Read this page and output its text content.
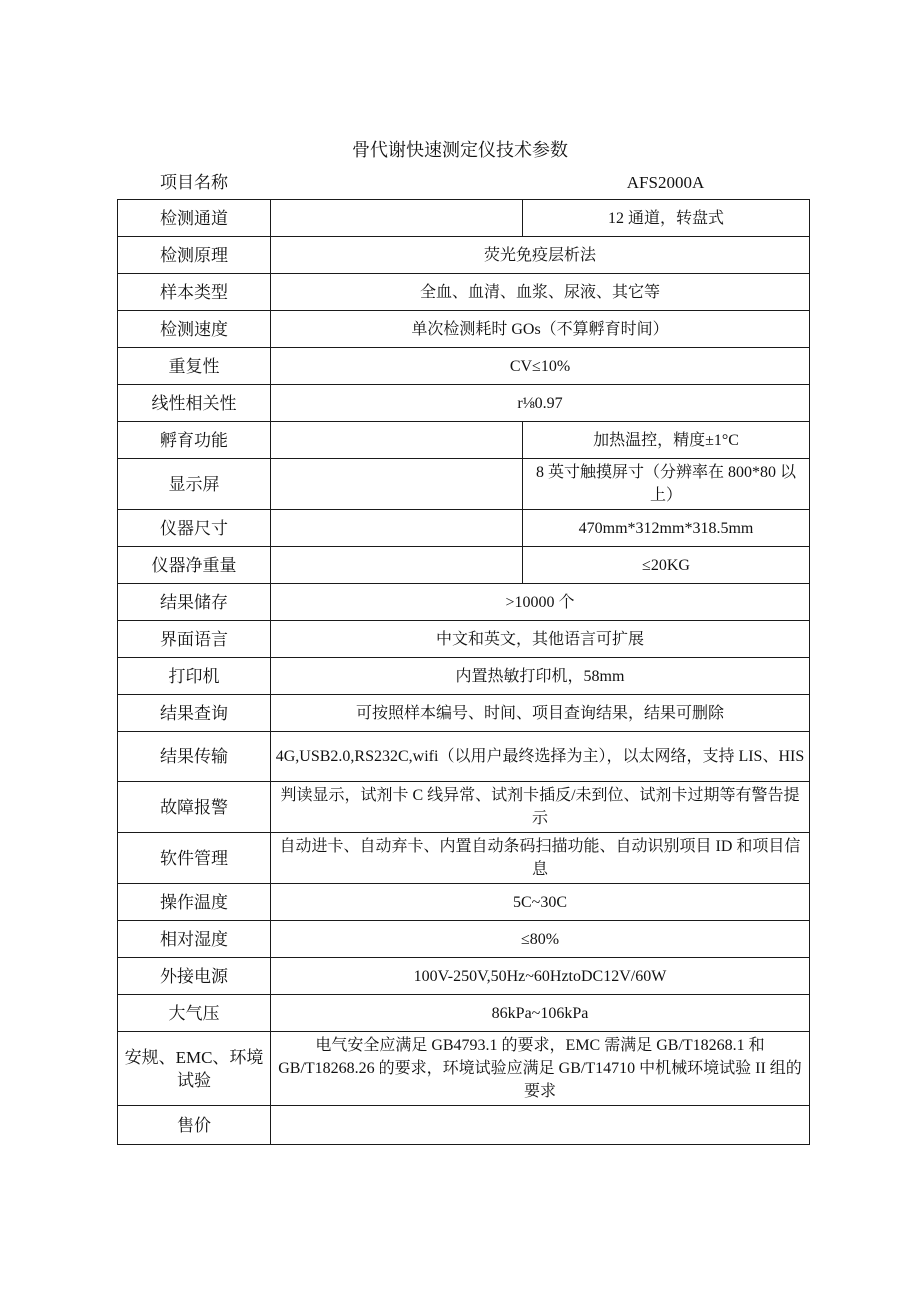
骨代谢快速测定仪技术参数
项目名称	AFS2000A
检测通道		12 通道，转盘式
检测原理	荧光免疫层析法	
样本类型	全血、血清、血浆、尿液、其它等	
检测速度	单次检测耗时 GOs（不算孵育时间）	
重复性	CV≤10%	
线性相关性	r⅛0.97	
孵育功能		加热温控，精度±1°C
显示屏		8 英寸触摸屏寸（分辨率在 800*80 以上）
仪器尺寸		470mm*312mm*318.5mm
仪器净重量		≤20KG
结果储存	>10000 个	
界面语言	中文和英文，其他语言可扩展	
打印机	内置热敏打印机，58mm	
结果查询	可按照样本编号、时间、项目查询结果，结果可删除	
结果传输	4G,USB2.0,RS232C,wifi（以用户最终选择为主），以太网络，支持 LIS、HIS	
故障报警	判读显示，试剂卡 C 线异常、试剂卡插反/未到位、试剂卡过期等有警告提示	
软件管理	自动进卡、自动弃卡、内置自动条码扫描功能、自动识别项目 ID 和项目信息	
操作温度	5C~30C	
相对湿度	≤80%	
外接电源	100V-250V,50Hz~60HztoDC12V/60W	
大气压	86kPa~106kPa	
安规、EMC、环境试验	电气安全应满足 GB4793.1 的要求，EMC 需满足 GB/T18268.1 和 GB/T18268.26 的要求，环境试验应满足 GB/T14710 中机械环境试验 II 组的要求	
售价		
